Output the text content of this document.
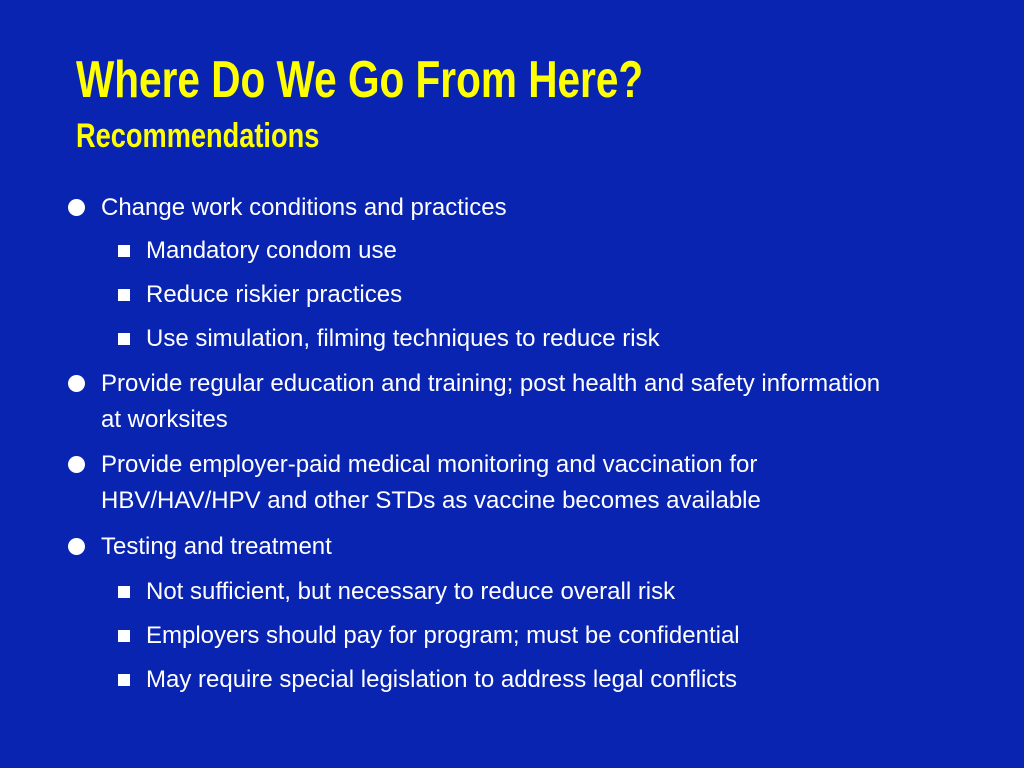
Where Do We Go From Here?
Recommendations
Change work conditions and practices
Mandatory condom use
Reduce riskier practices
Use simulation, filming techniques to reduce risk
Provide regular education and training; post health and safety information at worksites
Provide employer-paid medical monitoring and vaccination for HBV/HAV/HPV and other STDs as vaccine becomes available
Testing and treatment
Not sufficient, but necessary to reduce overall risk
Employers should pay for program; must be confidential
May require special legislation to address legal conflicts
